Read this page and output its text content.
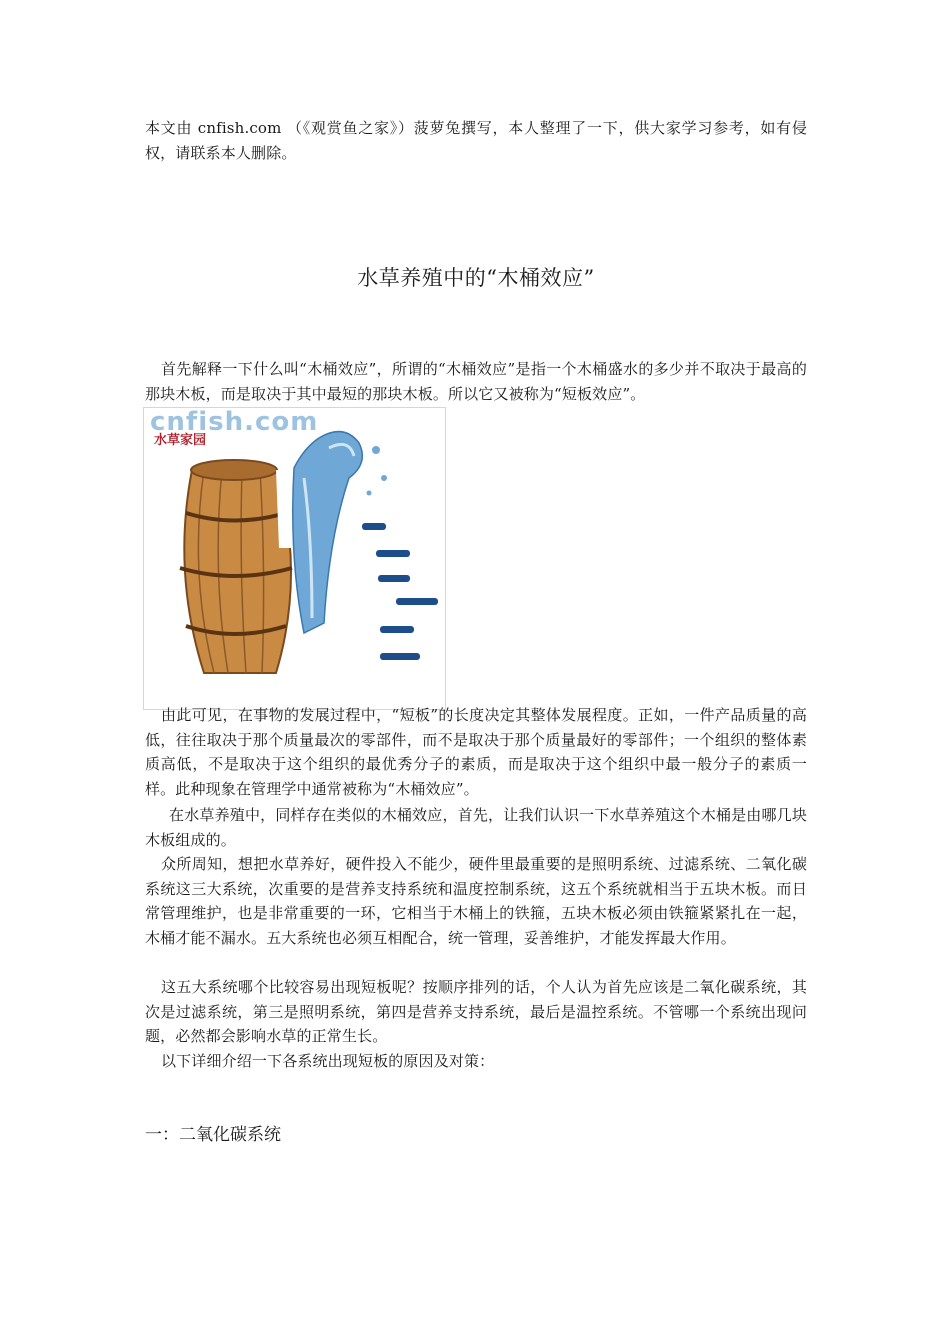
本文由 cnfish.com （《观赏鱼之家》）菠萝兔撰写，本人整理了一下，供大家学习参考，如有侵权，请联系本人删除。

水草养殖中的“木桶效应”

首先解释一下什么叫“木桶效应”，所谓的“木桶效应”是指一个木桶盛水的多少并不取决于最高的那块木板，而是取决于其中最短的那块木板。所以它又被称为“短板效应”。

cnfish.com
水草家园

由此可见，在事物的发展过程中，“短板”的长度决定其整体发展程度。正如，一件产品质量的高低，往往取决于那个质量最次的零部件，而不是取决于那个质量最好的零部件；一个组织的整体素质高低，不是取决于这个组织的最优秀分子的素质，而是取决于这个组织中最一般分子的素质一样。此种现象在管理学中通常被称为“木桶效应”。

在水草养殖中，同样存在类似的木桶效应，首先，让我们认识一下水草养殖这个木桶是由哪几块木板组成的。

众所周知，想把水草养好，硬件投入不能少，硬件里最重要的是照明系统、过滤系统、二氧化碳系统这三大系统，次重要的是营养支持系统和温度控制系统，这五个系统就相当于五块木板。而日常管理维护，也是非常重要的一环，它相当于木桶上的铁箍，五块木板必须由铁箍紧紧扎在一起，木桶才能不漏水。五大系统也必须互相配合，统一管理，妥善维护，才能发挥最大作用。

这五大系统哪个比较容易出现短板呢？按顺序排列的话，个人认为首先应该是二氧化碳系统，其次是过滤系统，第三是照明系统，第四是营养支持系统，最后是温控系统。不管哪一个系统出现问题，必然都会影响水草的正常生长。

以下详细介绍一下各系统出现短板的原因及对策：

一：二氧化碳系统
